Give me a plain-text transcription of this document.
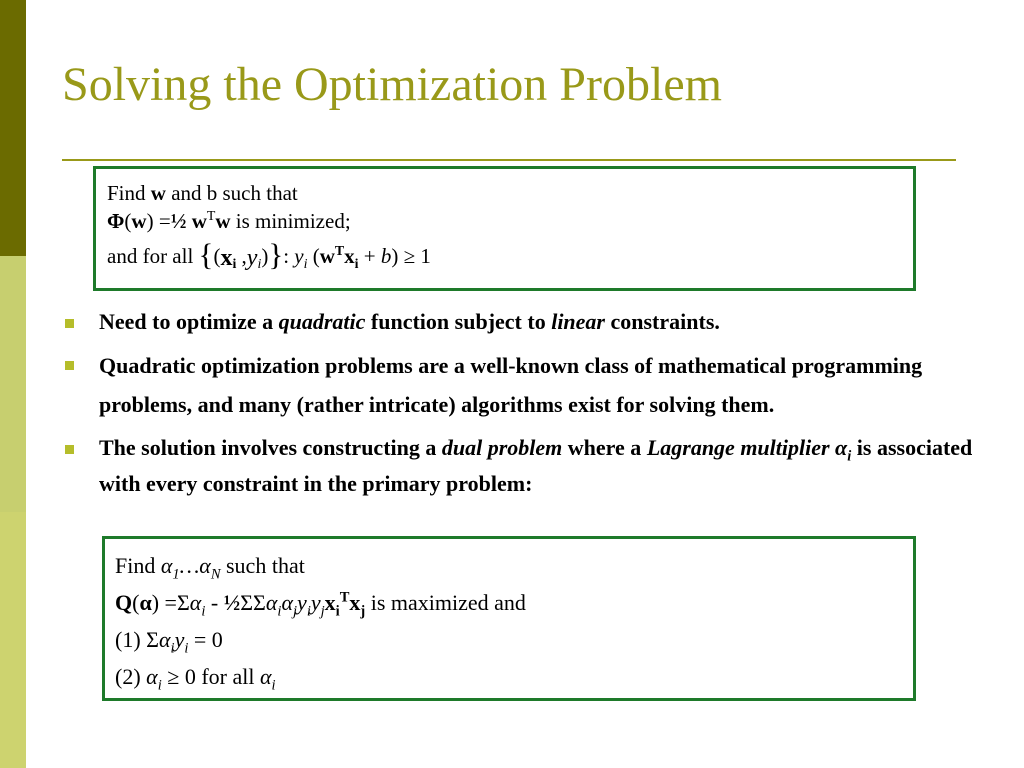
Solving the Optimization Problem
Find w and b such that
Φ(w) =½ $w^Tw$ is minimized;
and for all {($x_i$ $,y_i$)}: $y_i$ $(w^Tx_i + b) \ge 1$
Need to optimize a quadratic function subject to linear constraints.
Quadratic optimization problems are a well-known class of mathematical programming problems, and many (rather intricate) algorithms exist for solving them.
The solution involves constructing a dual problem where a Lagrange multiplier $\alpha_i$ is associated with every constraint in the primary problem:
Find $\alpha_1\dots\alpha_N$ such that
$Q(\alpha) =\Sigma\alpha_i$ - $\frac{1}{2}\Sigma\Sigma\alpha_i\alpha_jy_iy_jx_i^Tx_j$ is maximized and
(1) $\Sigma\alpha_iy_i = 0$
(2) $\alpha_i \ge 0$ for all $\alpha_i$
